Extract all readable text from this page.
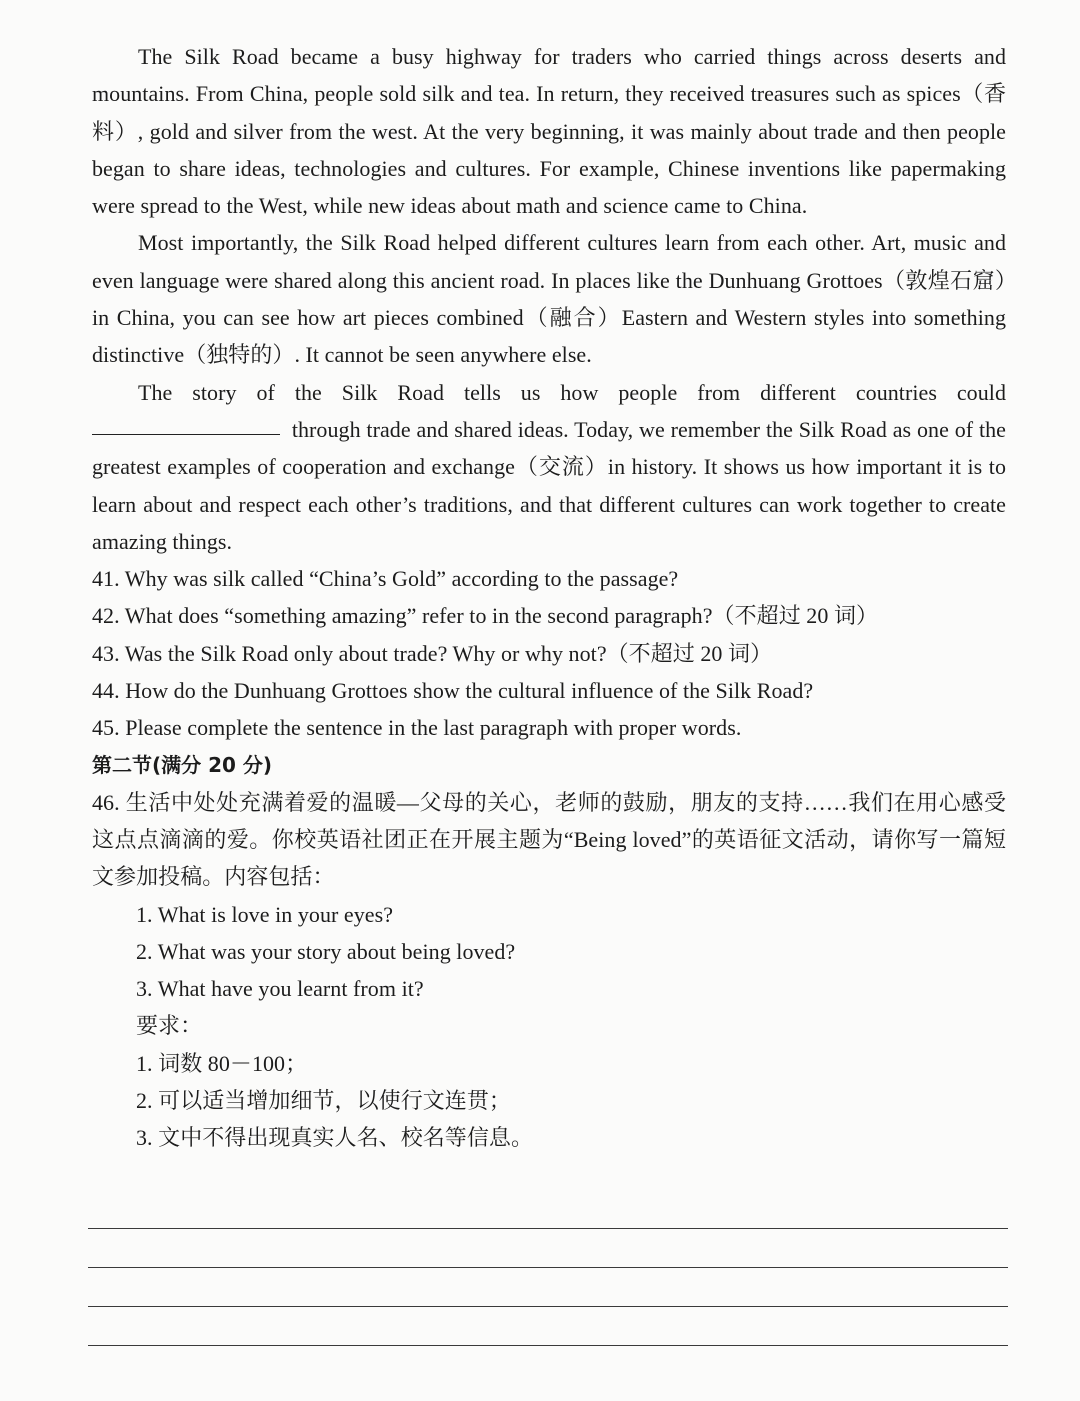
The Silk Road became a busy highway for traders who carried things across deserts and mountains. From China, people sold silk and tea. In return, they received treasures such as spices（香料）, gold and silver from the west. At the very beginning, it was mainly about trade and then people began to share ideas, technologies and cultures. For example, Chinese inventions like papermaking were spread to the West, while new ideas about math and science came to China.

Most importantly, the Silk Road helped different cultures learn from each other. Art, music and even language were shared along this ancient road. In places like the Dunhuang Grottoes（敦煌石窟）in China, you can see how art pieces combined（融合）Eastern and Western styles into something distinctive（独特的）. It cannot be seen anywhere else.

The story of the Silk Road tells us how people from different countries could  through trade and shared ideas. Today, we remember the Silk Road as one of the greatest examples of cooperation and exchange（交流）in history. It shows us how important it is to learn about and respect each other’s traditions, and that different cultures can work together to create amazing things.

41. Why was silk called “China’s Gold” according to the passage?

42. What does “something amazing” refer to in the second paragraph?（不超过 20 词）

43. Was the Silk Road only about trade? Why or why not?（不超过 20 词）

44. How do the Dunhuang Grottoes show the cultural influence of the Silk Road?

45. Please complete the sentence in the last paragraph with proper words.

第二节(满分 20 分)

46. 生活中处处充满着爱的温暖—父母的关心，老师的鼓励，朋友的支持……我们在用心感受这点点滴滴的爱。你校英语社团正在开展主题为“Being loved”的英语征文活动，请你写一篇短文参加投稿。内容包括：

1. What is love in your eyes?

2. What was your story about being loved?

3. What have you learnt from it?

要求：

1. 词数 80－100；

2. 可以适当增加细节，以使行文连贯；

3. 文中不得出现真实人名、校名等信息。
